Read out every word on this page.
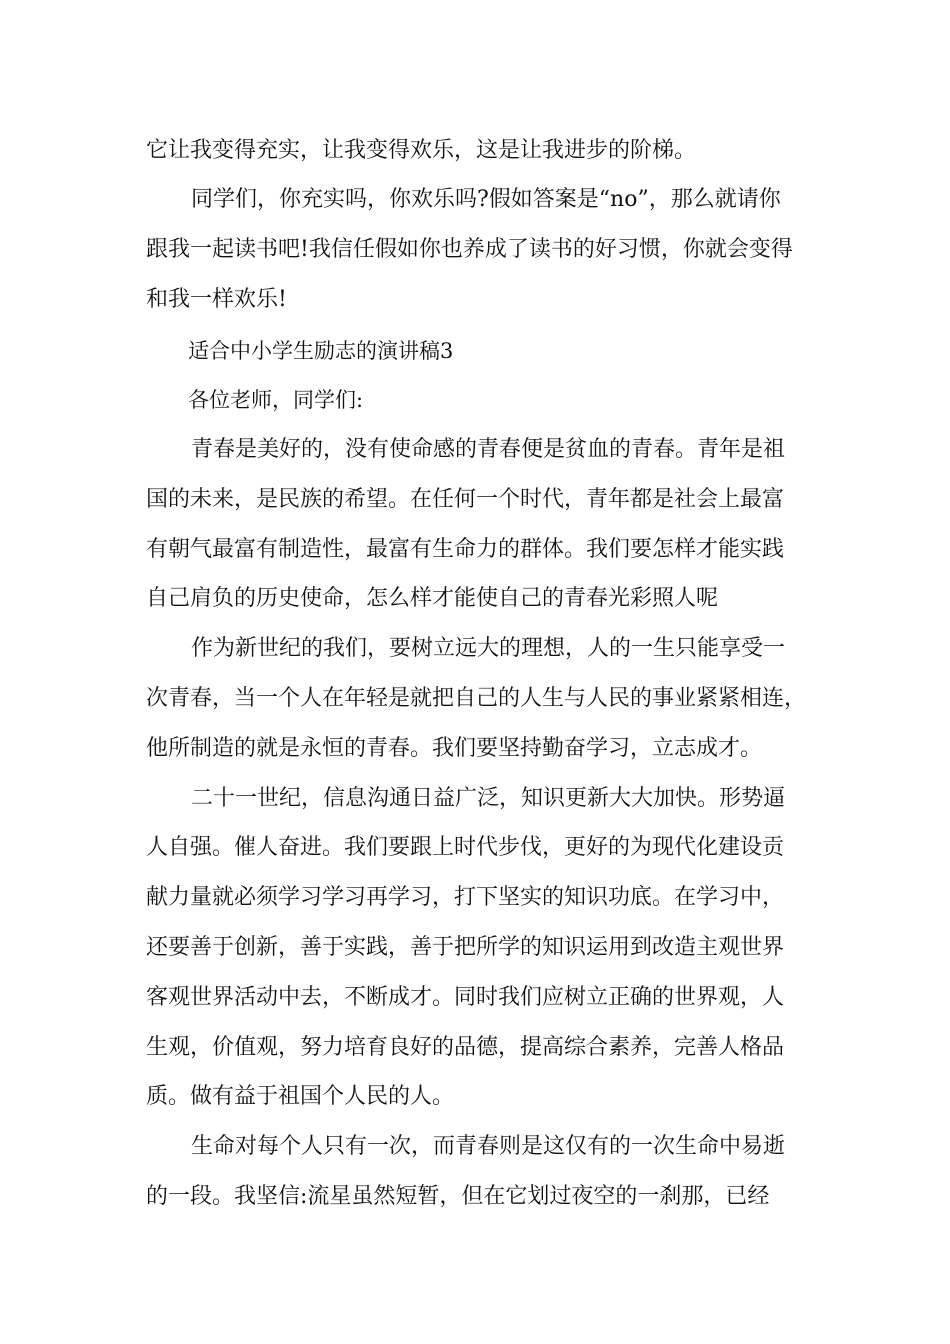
它让我变得充实，让我变得欢乐，这是让我进步的阶梯。

同学们，你充实吗，你欢乐吗?假如答案是“no”，那么就请你

跟我一起读书吧!我信任假如你也养成了读书的好习惯，你就会变得

和我一样欢乐!

适合中小学生励志的演讲稿3

各位老师，同学们:

青春是美好的，没有使命感的青春便是贫血的青春。青年是祖

国的未来，是民族的希望。在任何一个时代，青年都是社会上最富

有朝气最富有制造性，最富有生命力的群体。我们要怎样才能实践

自己肩负的历史使命，怎么样才能使自己的青春光彩照人呢

作为新世纪的我们，要树立远大的理想，人的一生只能享受一

次青春，当一个人在年轻是就把自己的人生与人民的事业紧紧相连，

他所制造的就是永恒的青春。我们要坚持勤奋学习，立志成才。

二十一世纪，信息沟通日益广泛，知识更新大大加快。形势逼

人自强。催人奋进。我们要跟上时代步伐，更好的为现代化建设贡

献力量就必须学习学习再学习，打下坚实的知识功底。在学习中，

还要善于创新，善于实践，善于把所学的知识运用到改造主观世界

客观世界活动中去，不断成才。同时我们应树立正确的世界观，人

生观，价值观，努力培育良好的品德，提高综合素养，完善人格品

质。做有益于祖国个人民的人。

生命对每个人只有一次，而青春则是这仅有的一次生命中易逝

的一段。我坚信:流星虽然短暂，但在它划过夜空的一刹那，已经
